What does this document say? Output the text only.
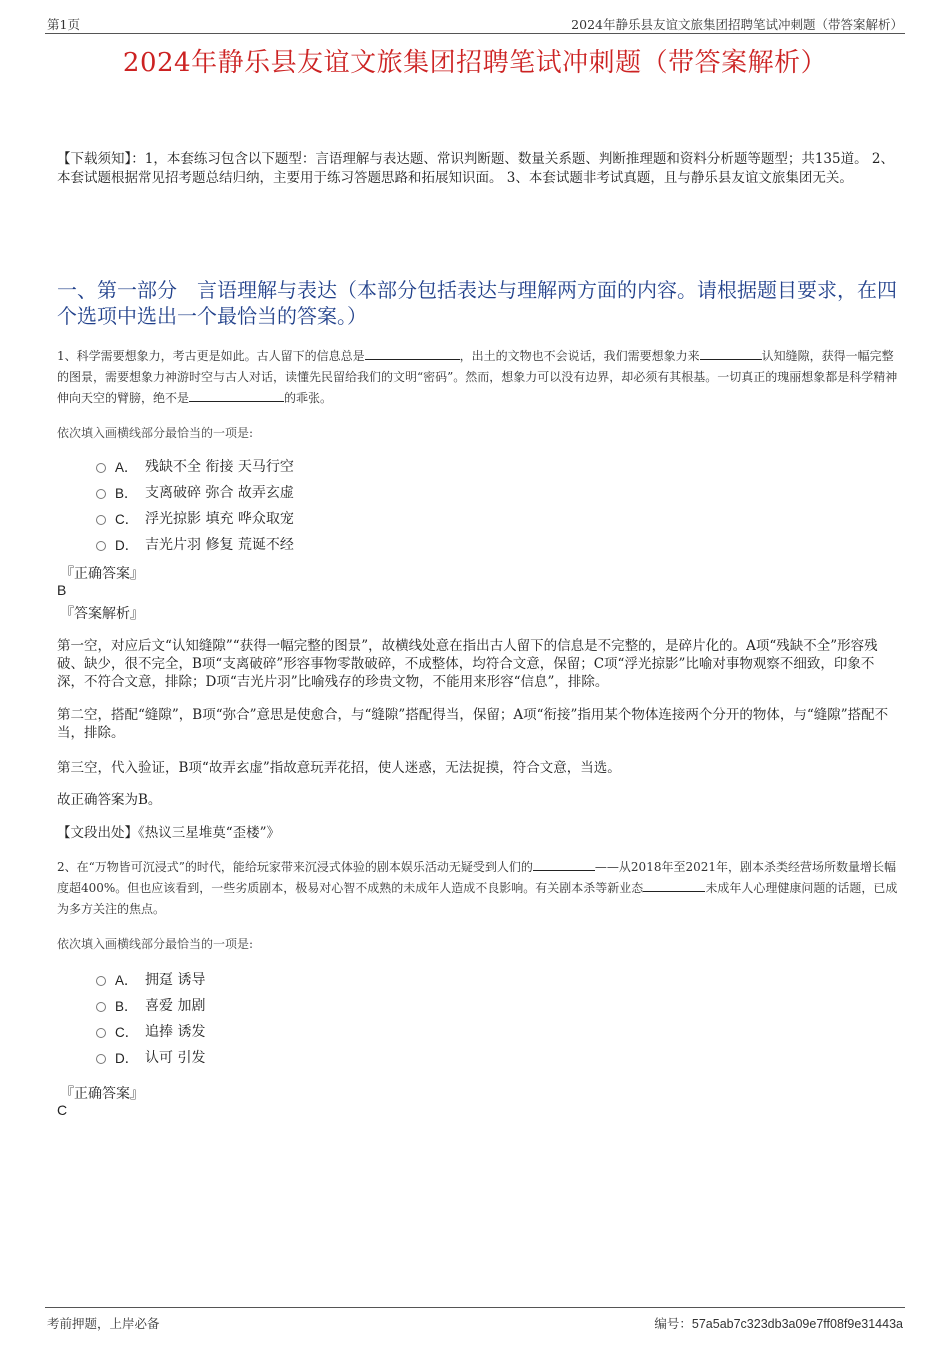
第1页	2024年静乐县友谊文旅集团招聘笔试冲刺题（带答案解析）
2024年静乐县友谊文旅集团招聘笔试冲刺题（带答案解析）
【下载须知】：1，本套练习包含以下题型：言语理解与表达题、常识判断题、数量关系题、判断推理题和资料分析题等题型；共135道。 2、本套试题根据常见招考题总结归纳，主要用于练习答题思路和拓展知识面。 3、本套试题非考试真题，且与静乐县友谊文旅集团无关。
一、第一部分　言语理解与表达（本部分包括表达与理解两方面的内容。请根据题目要求，在四个选项中选出一个最恰当的答案。）
1、科学需要想象力，考古更是如此。古人留下的信息总是	，出土的文物也不会说话，我们需要想象力来	认知缝隙，获得一幅完整的图景，需要想象力神游时空与古人对话，读懂先民留给我们的文明“密码”。然而，想象力可以没有边界，却必须有其根基。一切真正的瑰丽想象都是科学精神伸向天空的臂膀，绝不是	的乖张。
依次填入画横线部分最恰当的一项是:
A． 残缺不全 衔接 天马行空
B． 支离破碎 弥合 故弄玄虚
C． 浮光掠影 填充 哗众取宠
D． 吉光片羽 修复 荒诞不经
『正确答案』
B
『答案解析』
第一空，对应后文“认知缝隙”“获得一幅完整的图景”，故横线处意在指出古人留下的信息是不完整的，是碎片化的。A项“残缺不全”形容残破、缺少，很不完全，B项“支离破碎”形容事物零散破碎，不成整体，均符合文意，保留；C项“浮光掠影”比喻对事物观察不细致，印象不深，不符合文意，排除；D项“吉光片羽”比喻残存的珍贵文物，不能用来形容“信息”，排除。
第二空，搭配“缝隙”，B项“弥合”意思是使愈合，与“缝隙”搭配得当，保留；A项“衔接”指用某个物体连接两个分开的物体，与“缝隙”搭配不当，排除。
第三空，代入验证，B项“故弄玄虚”指故意玩弄花招，使人迷惑，无法捉摸，符合文意，当选。
故正确答案为B。
【文段出处】《热议三星堆莫“歪楼”》
2、在“万物皆可沉浸式”的时代，能给玩家带来沉浸式体验的剧本娱乐活动无疑受到人们的	——从2018年至2021年，剧本杀类经营场所数量增长幅度超400%。但也应该看到，一些劣质剧本，极易对心智不成熟的未成年人造成不良影响。有关剧本杀等新业态	未成年人心理健康问题的话题，已成为多方关注的焦点。
依次填入画横线部分最恰当的一项是:
A． 拥趸 诱导
B． 喜爱 加剧
C． 追捧 诱发
D． 认可 引发
『正确答案』
C
考前押题，上岸必备	编号：57a5ab7c323db3a09e7ff08f9e31443a
